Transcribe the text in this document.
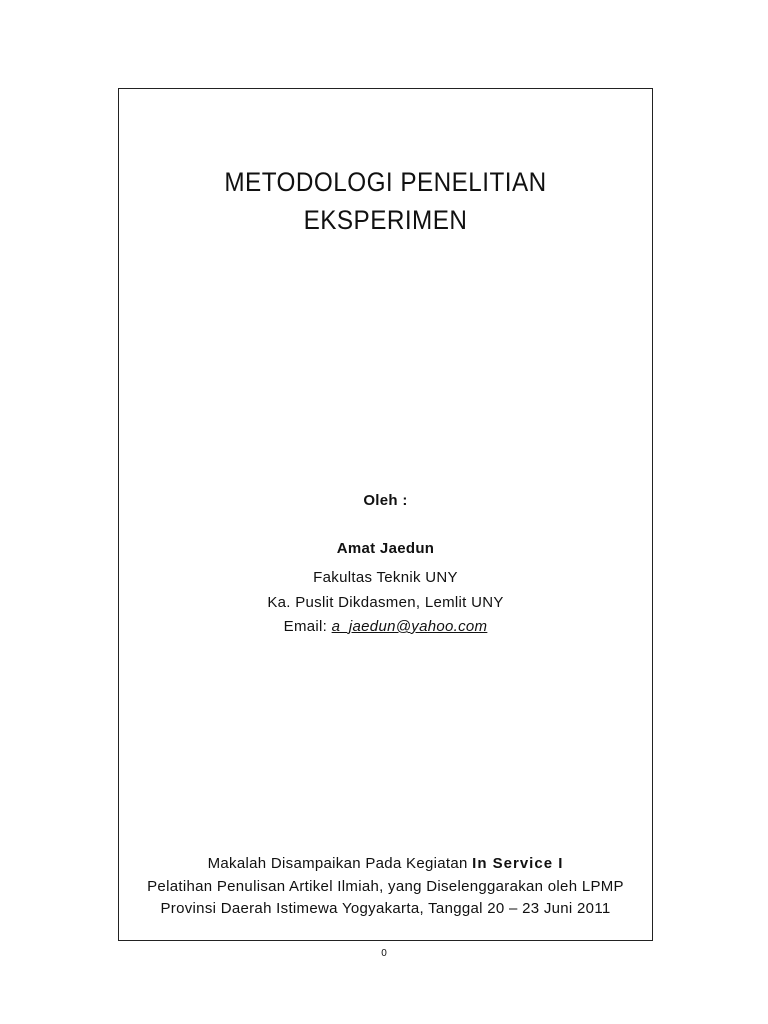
METODOLOGI PENELITIAN
EKSPERIMEN
Oleh :
Amat Jaedun
Fakultas Teknik UNY
Ka. Puslit Dikdasmen, Lemlit UNY
Email: a_jaedun@yahoo.com
Makalah Disampaikan Pada Kegiatan In Service I
Pelatihan Penulisan Artikel Ilmiah, yang Diselenggarakan oleh LPMP
Provinsi Daerah Istimewa Yogyakarta, Tanggal 20 – 23 Juni 2011
0
